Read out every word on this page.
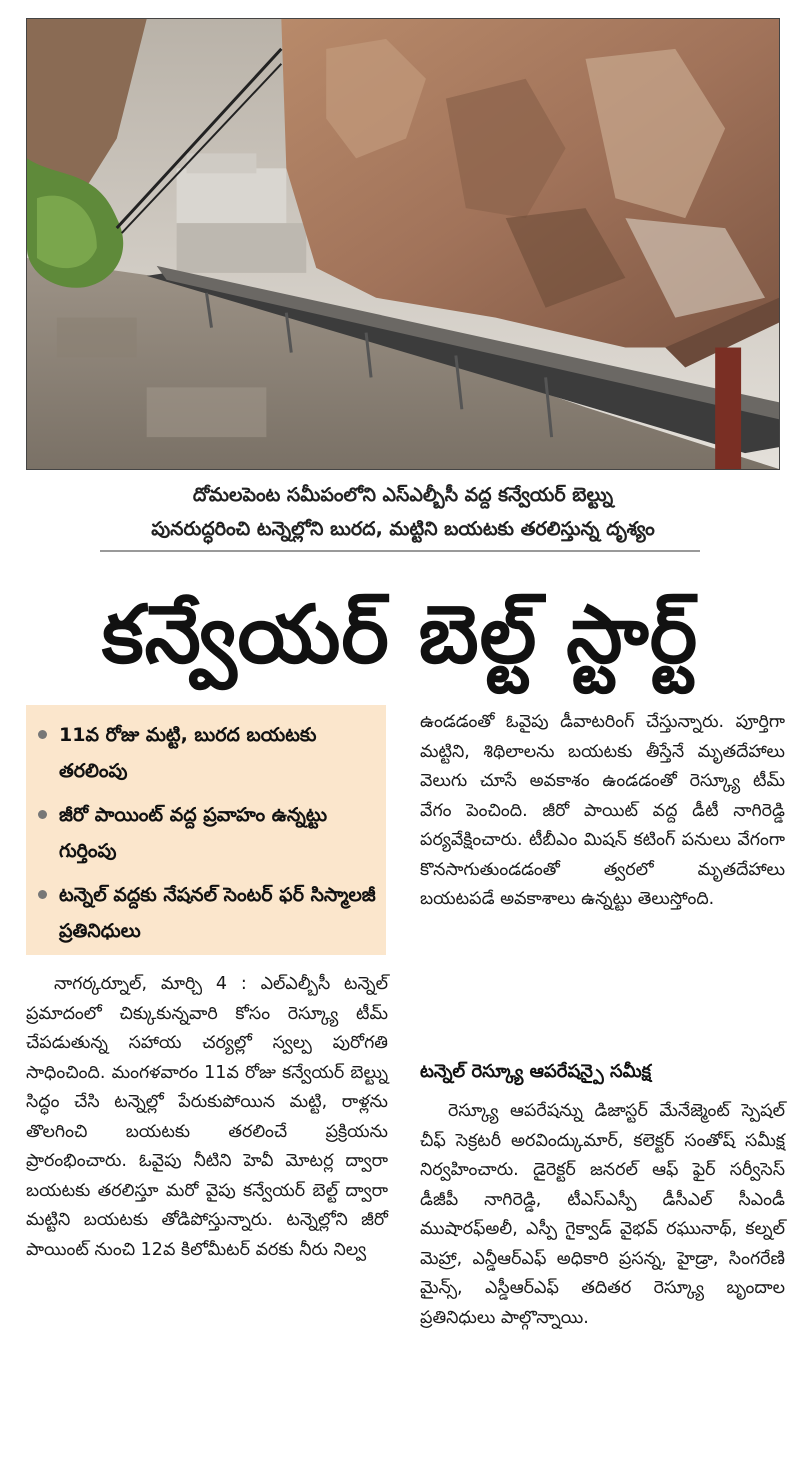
దోమలపెంట సమీపంలోని ఎస్ఎల్బీసీ వద్ద కన్వేయర్ బెల్ట్ను

పునరుద్ధరించి టన్నెల్లోని బురద, మట్టిని బయటకు తరలిస్తున్న దృశ్యం

కన్వేయర్ బెల్ట్ స్టార్ట్
11వ రోజు మట్టి, బురద బయటకు తరలింపు
జీరో పాయింట్ వద్ద ప్రవాహం ఉన్నట్టు గుర్తింపు
టన్నెల్ వద్దకు నేషనల్ సెంటర్ ఫర్ సిస్మాలజీ ప్రతినిధులు

నాగర్కర్నూల్, మార్చి 4 : ఎల్ఎల్బీసీ టన్నెల్ ప్రమాదంలో చిక్కుకున్నవారి కోసం రెస్క్యూ టీమ్ చేపడుతున్న సహాయ చర్యల్లో స్వల్ప పురోగతి సాధించింది. మంగళవారం 11వ రోజు కన్వేయర్ బెల్ట్ను సిద్ధం చేసి టన్నెల్లో పేరుకుపోయిన మట్టి, రాళ్లను తొలగించి బయటకు తరలించే ప్రక్రియను ప్రారంభించారు. ఓవైపు నీటిని హెవీ మోటర్ల ద్వారా బయటకు తరలిస్తూ మరో వైపు కన్వేయర్ బెల్ట్ ద్వారా మట్టిని బయటకు తోడిపోస్తున్నారు. టన్నెల్లోని జీరో పాయింట్ నుంచి 12వ కిలోమీటర్ వరకు నీరు నిల్వ

ఉండడంతో ఓవైపు డీవాటరింగ్ చేస్తున్నారు. పూర్తిగా మట్టిని, శిథిలాలను బయటకు తీస్తేనే మృతదేహాలు వెలుగు చూసే అవకాశం ఉండడంతో రెస్క్యూ టీమ్ వేగం పెంచింది. జీరో పాయిట్ వద్ద డీటీ నాగిరెడ్డి పర్యవేక్షించారు. టీబీఎం మిషన్ కటింగ్ పనులు వేగంగా కొనసాగుతుండడంతో త్వరలో మృతదేహాలు బయటపడే అవకాశాలు ఉన్నట్టు తెలుస్తోంది.

టన్నెల్ రెస్క్యూ ఆపరేషన్పై సమీక్ష

రెస్క్యూ ఆపరేషన్ను డిజాస్టర్ మేనేజ్మెంట్ స్పెషల్ చీఫ్ సెక్రటరీ అరవింద్కుమార్, కలెక్టర్ సంతోష్ సమీక్ష నిర్వహించారు. డైరెక్టర్ జనరల్ ఆఫ్ ఫైర్ సర్వీసెస్ డీజీపీ నాగిరెడ్డి, టీఎస్ఎస్పీ డీసీఎల్ సీఎండీ ముషారఫ్అలీ, ఎస్పీ గైక్వాడ్ వైభవ్ రఘునాథ్, కల్నల్ మెహ్రా, ఎన్డీఆర్ఎఫ్ అధికారి ప్రసన్న, హైడ్రా, సింగరేణి మైన్స్, ఎస్డీఆర్ఎఫ్ తదితర రెస్క్యూ బృందాల ప్రతినిధులు పాల్గొన్నాయి.
